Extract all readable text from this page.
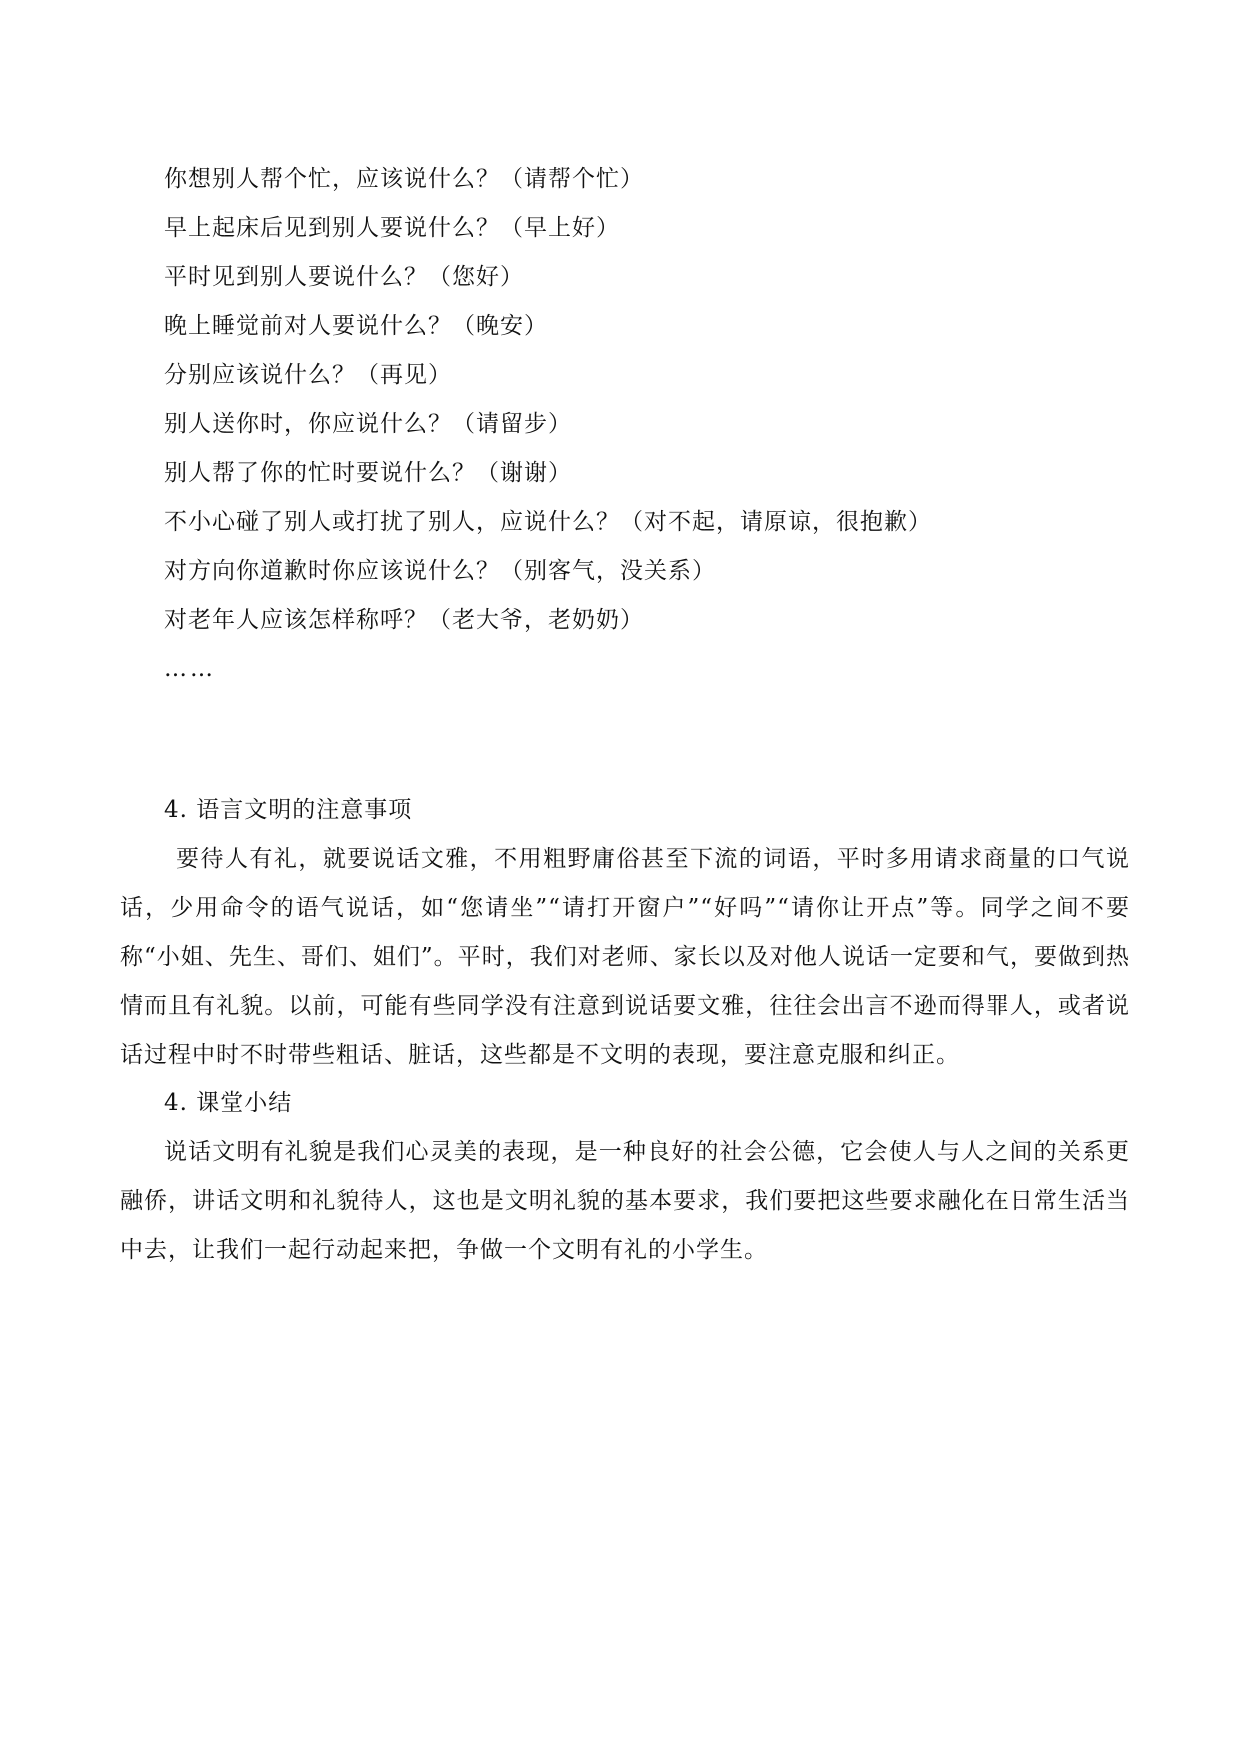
你想别人帮个忙，应该说什么？（请帮个忙）
早上起床后见到别人要说什么？（早上好）
平时见到别人要说什么？（您好）
晚上睡觉前对人要说什么？（晚安）
分别应该说什么？（再见）
别人送你时，你应说什么？（请留步）
别人帮了你的忙时要说什么？（谢谢）
不小心碰了别人或打扰了别人，应说什么？（对不起，请原谅，很抱歉）
对方向你道歉时你应该说什么？（别客气，没关系）
对老年人应该怎样称呼？（老大爷，老奶奶）
……
4. 语言文明的注意事项

要待人有礼，就要说话文雅，不用粗野庸俗甚至下流的词语，平时多用请求商量的口气说话，少用命令的语气说话，如“您请坐”“请打开窗户”“好吗”“请你让开点”等。同学之间不要称“小姐、先生、哥们、姐们”。平时，我们对老师、家长以及对他人说话一定要和气，要做到热情而且有礼貌。以前，可能有些同学没有注意到说话要文雅，往往会出言不逊而得罪人，或者说话过程中时不时带些粗话、脏话，这些都是不文明的表现，要注意克服和纠正。

4. 课堂小结

说话文明有礼貌是我们心灵美的表现，是一种良好的社会公德，它会使人与人之间的关系更融侨，讲话文明和礼貌待人，这也是文明礼貌的基本要求，我们要把这些要求融化在日常生活当中去，让我们一起行动起来把，争做一个文明有礼的小学生。
